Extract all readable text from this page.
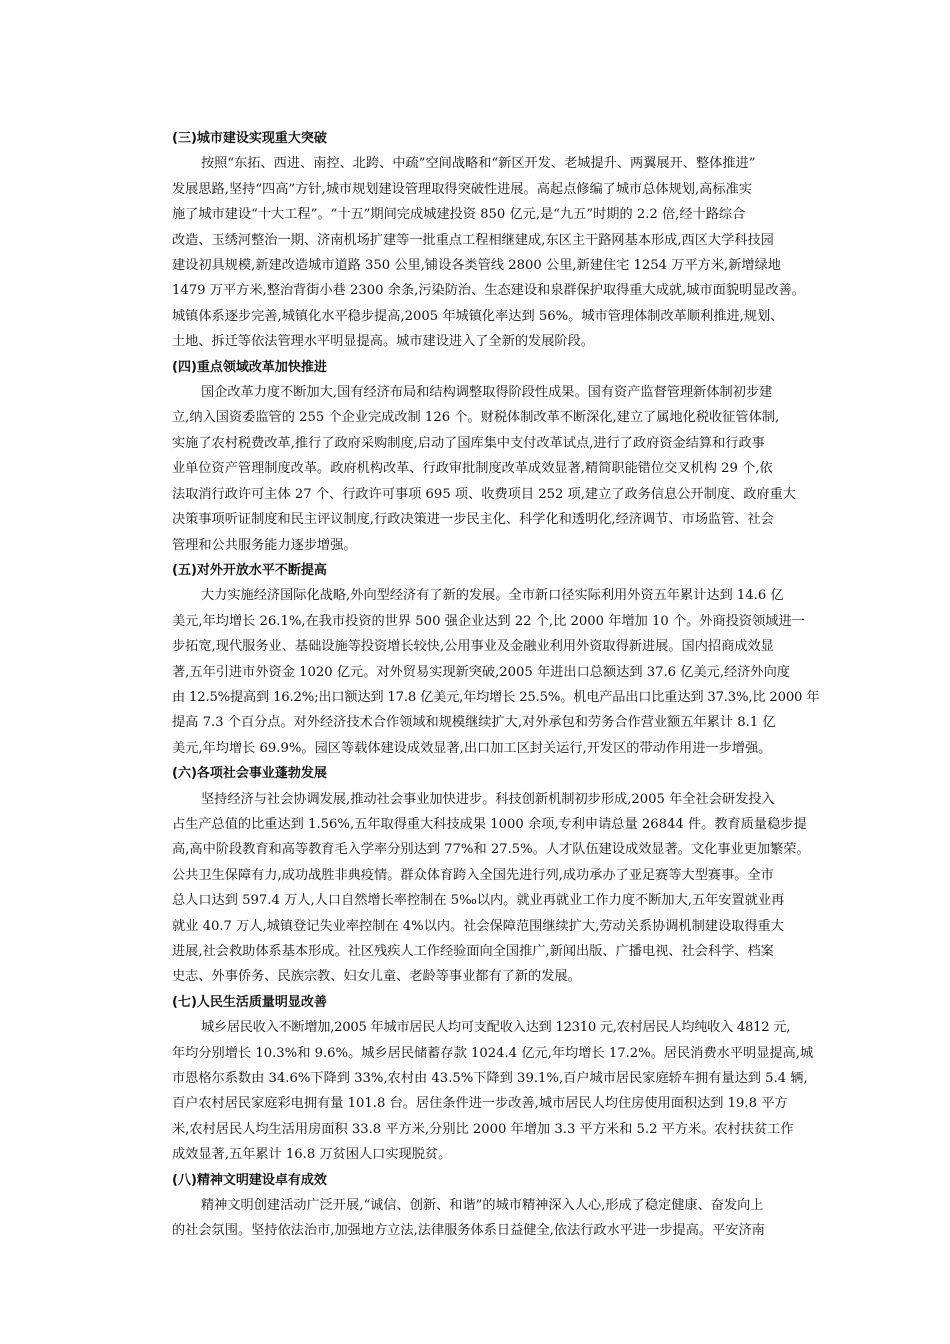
(三)城市建设实现重大突破
按照“东拓、西进、南控、北跨、中疏”空间战略和“新区开发、老城提升、两翼展开、整体推进”
发展思路,坚持“四高”方针,城市规划建设管理取得突破性进展。高起点修编了城市总体规划,高标准实
施了城市建设“十大工程”。“十五”期间完成城建投资 850 亿元,是“九五”时期的 2.2 倍,经十路综合
改造、玉绣河整治一期、济南机场扩建等一批重点工程相继建成,东区主干路网基本形成,西区大学科技园
建设初具规模,新建改造城市道路 350 公里,铺设各类管线 2800 公里,新建住宅 1254 万平方米,新增绿地
1479 万平方米,整治背街小巷 2300 余条,污染防治、生态建设和泉群保护取得重大成就,城市面貌明显改善。
城镇体系逐步完善,城镇化水平稳步提高,2005 年城镇化率达到 56%。城市管理体制改革顺利推进,规划、
土地、拆迁等依法管理水平明显提高。城市建设进入了全新的发展阶段。
(四)重点领域改革加快推进
国企改革力度不断加大,国有经济布局和结构调整取得阶段性成果。国有资产监督管理新体制初步建
立,纳入国资委监管的 255 个企业完成改制 126 个。财税体制改革不断深化,建立了属地化税收征管体制,
实施了农村税费改革,推行了政府采购制度,启动了国库集中支付改革试点,进行了政府资金结算和行政事
业单位资产管理制度改革。政府机构改革、行政审批制度改革成效显著,精简职能错位交叉机构 29 个,依
法取消行政许可主体 27 个、行政许可事项 695 项、收费项目 252 项,建立了政务信息公开制度、政府重大
决策事项听证制度和民主评议制度,行政决策进一步民主化、科学化和透明化,经济调节、市场监管、社会
管理和公共服务能力逐步增强。
(五)对外开放水平不断提高
大力实施经济国际化战略,外向型经济有了新的发展。全市新口径实际利用外资五年累计达到 14.6 亿
美元,年均增长 26.1%,在我市投资的世界 500 强企业达到 22 个,比 2000 年增加 10 个。外商投资领域进一
步拓宽,现代服务业、基础设施等投资增长较快,公用事业及金融业利用外资取得新进展。国内招商成效显
著,五年引进市外资金 1020 亿元。对外贸易实现新突破,2005 年进出口总额达到 37.6 亿美元,经济外向度
由 12.5%提高到 16.2%;出口额达到 17.8 亿美元,年均增长 25.5%。机电产品出口比重达到 37.3%,比 2000 年
提高 7.3 个百分点。对外经济技术合作领域和规模继续扩大,对外承包和劳务合作营业额五年累计 8.1 亿
美元,年均增长 69.9%。园区等载体建设成效显著,出口加工区封关运行,开发区的带动作用进一步增强。
(六)各项社会事业蓬勃发展
坚持经济与社会协调发展,推动社会事业加快进步。科技创新机制初步形成,2005 年全社会研发投入
占生产总值的比重达到 1.56%,五年取得重大科技成果 1000 余项,专利申请总量 26844 件。教育质量稳步提
高,高中阶段教育和高等教育毛入学率分别达到 77%和 27.5%。人才队伍建设成效显著。文化事业更加繁荣。
公共卫生保障有力,成功战胜非典疫情。群众体育跨入全国先进行列,成功承办了亚足赛等大型赛事。全市
总人口达到 597.4 万人,人口自然增长率控制在 5‰以内。就业再就业工作力度不断加大,五年安置就业再
就业 40.7 万人,城镇登记失业率控制在 4%以内。社会保障范围继续扩大,劳动关系协调机制建设取得重大
进展,社会救助体系基本形成。社区残疾人工作经验面向全国推广,新闻出版、广播电视、社会科学、档案
史志、外事侨务、民族宗教、妇女儿童、老龄等事业都有了新的发展。
(七)人民生活质量明显改善
城乡居民收入不断增加,2005 年城市居民人均可支配收入达到 12310 元,农村居民人均纯收入 4812 元,
年均分别增长 10.3%和 9.6%。城乡居民储蓄存款 1024.4 亿元,年均增长 17.2%。居民消费水平明显提高,城
市恩格尔系数由 34.6%下降到 33%,农村由 43.5%下降到 39.1%,百户城市居民家庭轿车拥有量达到 5.4 辆,
百户农村居民家庭彩电拥有量 101.8 台。居住条件进一步改善,城市居民人均住房使用面积达到 19.8 平方
米,农村居民人均生活用房面积 33.8 平方米,分别比 2000 年增加 3.3 平方米和 5.2 平方米。农村扶贫工作
成效显著,五年累计 16.8 万贫困人口实现脱贫。
(八)精神文明建设卓有成效
精神文明创建活动广泛开展,“诚信、创新、和谐”的城市精神深入人心,形成了稳定健康、奋发向上
的社会氛围。坚持依法治市,加强地方立法,法律服务体系日益健全,依法行政水平进一步提高。平安济南
